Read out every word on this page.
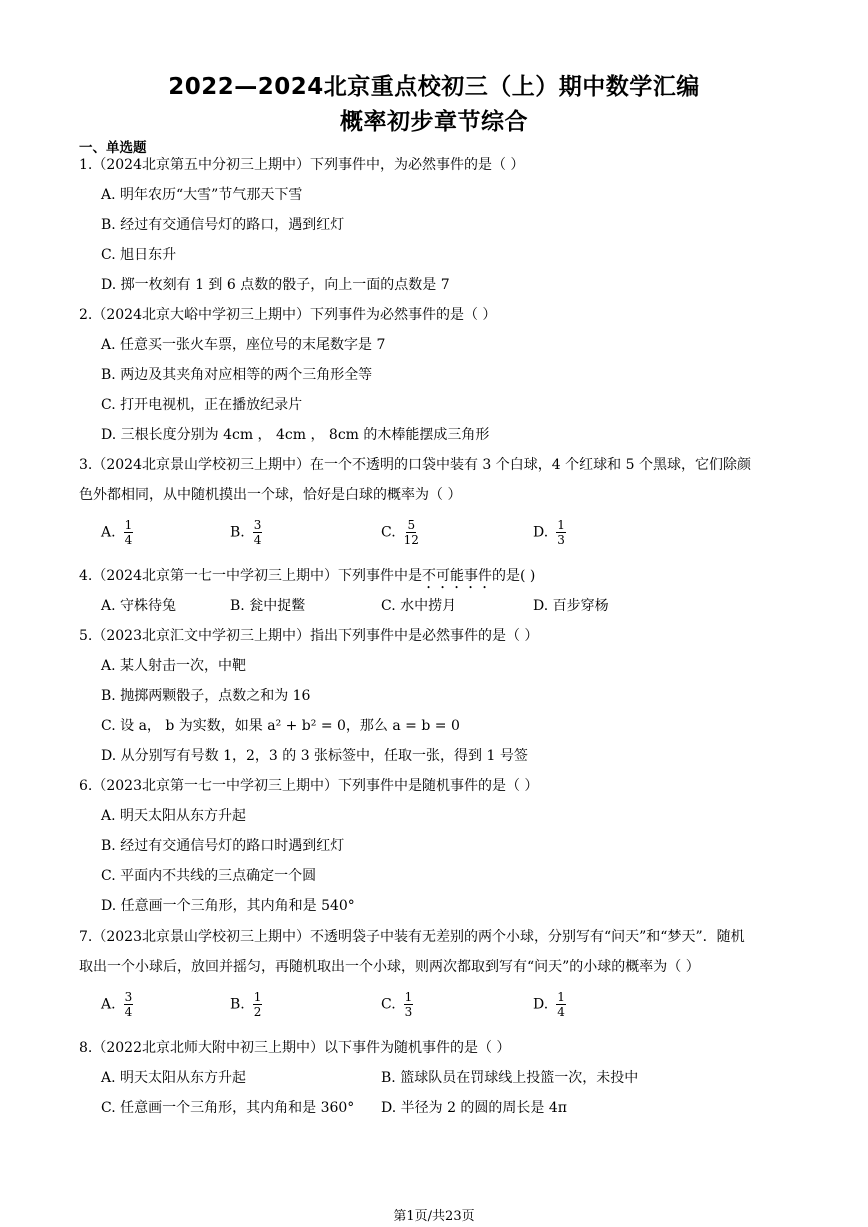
2022—2024北京重点校初三（上）期中数学汇编
概率初步章节综合
一、单选题
1.（2024北京第五中分初三上期中）下列事件中，为必然事件的是（ ）
A. 明年农历“大雪”节气那天下雪
B. 经过有交通信号灯的路口，遇到红灯
C. 旭日东升
D. 掷一枚刻有 1 到 6 点数的骰子，向上一面的点数是 7
2.（2024北京大峪中学初三上期中）下列事件为必然事件的是（ ）
A. 任意买一张火车票，座位号的末尾数字是 7
B. 两边及其夹角对应相等的两个三角形全等
C. 打开电视机，正在播放纪录片
D. 三根长度分别为 4cm ， 4cm ， 8cm 的木棒能摆成三角形
3.（2024北京景山学校初三上期中）在一个不透明的口袋中装有 3 个白球，4 个红球和 5 个黑球，它们除颜
色外都相同，从中随机摸出一个球，恰好是白球的概率为（ ）
A. $\frac{1}{4}$	B. $\frac{3}{4}$	C. $\frac{5}{12}$	D. $\frac{1}{3}$
4.（2024北京第一七一中学初三上期中）下列事件中是不可能事件的是( )
A. 守株待兔	B. 瓮中捉鳖	C. 水中捞月	D. 百步穿杨
5.（2023北京汇文中学初三上期中）指出下列事件中是必然事件的是（ ）
A. 某人射击一次，中靶
B. 抛掷两颗骰子，点数之和为 16
C. 设 a， b 为实数，如果 a² + b² = 0，那么 a = b = 0
D. 从分别写有号数 1，2，3 的 3 张标签中，任取一张，得到 1 号签
6.（2023北京第一七一中学初三上期中）下列事件中是随机事件的是（ ）
A. 明天太阳从东方升起
B. 经过有交通信号灯的路口时遇到红灯
C. 平面内不共线的三点确定一个圆
D. 任意画一个三角形，其内角和是 540°
7.（2023北京景山学校初三上期中）不透明袋子中装有无差别的两个小球，分别写有“问天”和“梦天”．随机
取出一个小球后，放回并摇匀，再随机取出一个小球，则两次都取到写有“问天”的小球的概率为（ ）
A. $\frac{3}{4}$	B. $\frac{1}{2}$	C. $\frac{1}{3}$	D. $\frac{1}{4}$
8.（2022北京北师大附中初三上期中）以下事件为随机事件的是（ ）
A. 明天太阳从东方升起	B. 篮球队员在罚球线上投篮一次，未投中
C. 任意画一个三角形，其内角和是 360° D. 半径为 2 的圆的周长是 4π
第1页/共23页
